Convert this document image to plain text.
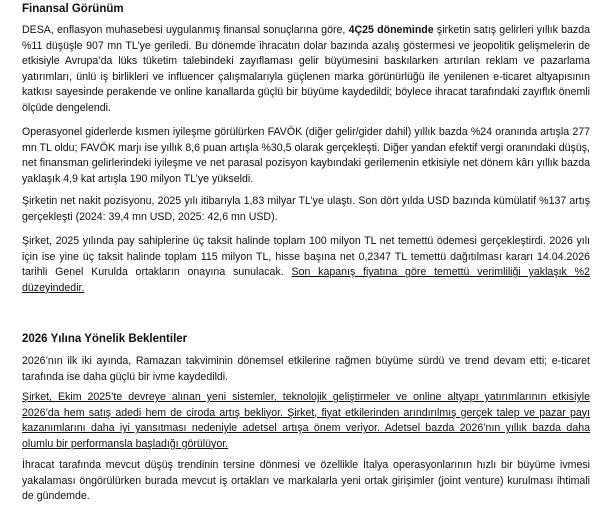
Finansal Görünüm

DESA, enflasyon muhasebesi uygulanmış finansal sonuçlarına göre, 4Ç25 döneminde şirketin satış gelirleri yıllık bazda %11 düşüşle 907 mn TL’ye geriledi. Bu dönemde ihracatın dolar bazında azalış göstermesi ve jeopolitik gelişmelerin de etkisiyle Avrupa’da lüks tüketim talebindeki zayıflaması gelir büyümesini baskılarken artırılan reklam ve pazarlama yatırımları, ünlü iş birlikleri ve influencer çalışmalarıyla güçlenen marka görünürlüğü ile yenilenen e-ticaret altyapısının katkısı sayesinde perakende ve online kanallarda güçlü bir büyüme kaydedildi; böylece ihracat tarafındaki zayıflık önemli ölçüde dengelendi.

Operasyonel giderlerde kısmen iyileşme görülürken FAVÖK (diğer gelir/gider dahil) yıllık bazda %24 oranında artışla 277 mn TL oldu; FAVÖK marjı ise yıllık 8,6 puan artışla %30,5 olarak gerçekleşti. Diğer yandan efektif vergi oranındaki düşüş, net finansman gelirlerindeki iyileşme ve net parasal pozisyon kaybındaki gerilemenin etkisiyle net dönem kârı yıllık bazda yaklaşık 4,9 kat artışla 190 milyon TL’ye yükseldi.

Şirketin net nakit pozisyonu, 2025 yılı itibarıyla 1,83 milyar TL’ye ulaştı. Son dört yılda USD bazında kümülatif %137 artış gerçekleşti (2024: 39,4 mn USD, 2025: 42,6 mn USD).

Şirket, 2025 yılında pay sahiplerine üç taksit halinde toplam 100 milyon TL net temettü ödemesi gerçekleştirdi. 2026 yılı için ise yine üç taksit halinde toplam 115 milyon TL, hisse başına net 0,2347 TL temettü dağıtılması kararı 14.04.2026 tarihli Genel Kurulda ortakların onayına sunulacak. Son kapanış fiyatına göre temettü verimliliği yaklaşık %2 düzeyindedir.

2026 Yılına Yönelik Beklentiler

2026’nın ilk iki ayında, Ramazan takviminin dönemsel etkilerine rağmen büyüme sürdü ve trend devam etti; e-ticaret tarafında ise daha güçlü bir ivme kaydedildi.

Şirket, Ekim 2025’te devreye alınan yeni sistemler, teknolojik geliştirmeler ve online altyapı yatırımlarının etkisiyle 2026’da hem satış adedi hem de ciroda artış bekliyor. Şirket, fiyat etkilerinden arındırılmış gerçek talep ve pazar payı kazanımlarını daha iyi yansıtması nedeniyle adetsel artışa önem veriyor. Adetsel bazda 2026’nın yıllık bazda daha olumlu bir performansla başladığı görülüyor.

İhracat tarafında mevcut düşüş trendinin tersine dönmesi ve özellikle İtalya operasyonlarının hızlı bir büyüme ivmesi yakalaması öngörülürken burada mevcut iş ortakları ve markalarla yeni ortak girişimler (joint venture) kurulması ihtimali de gündemde.
